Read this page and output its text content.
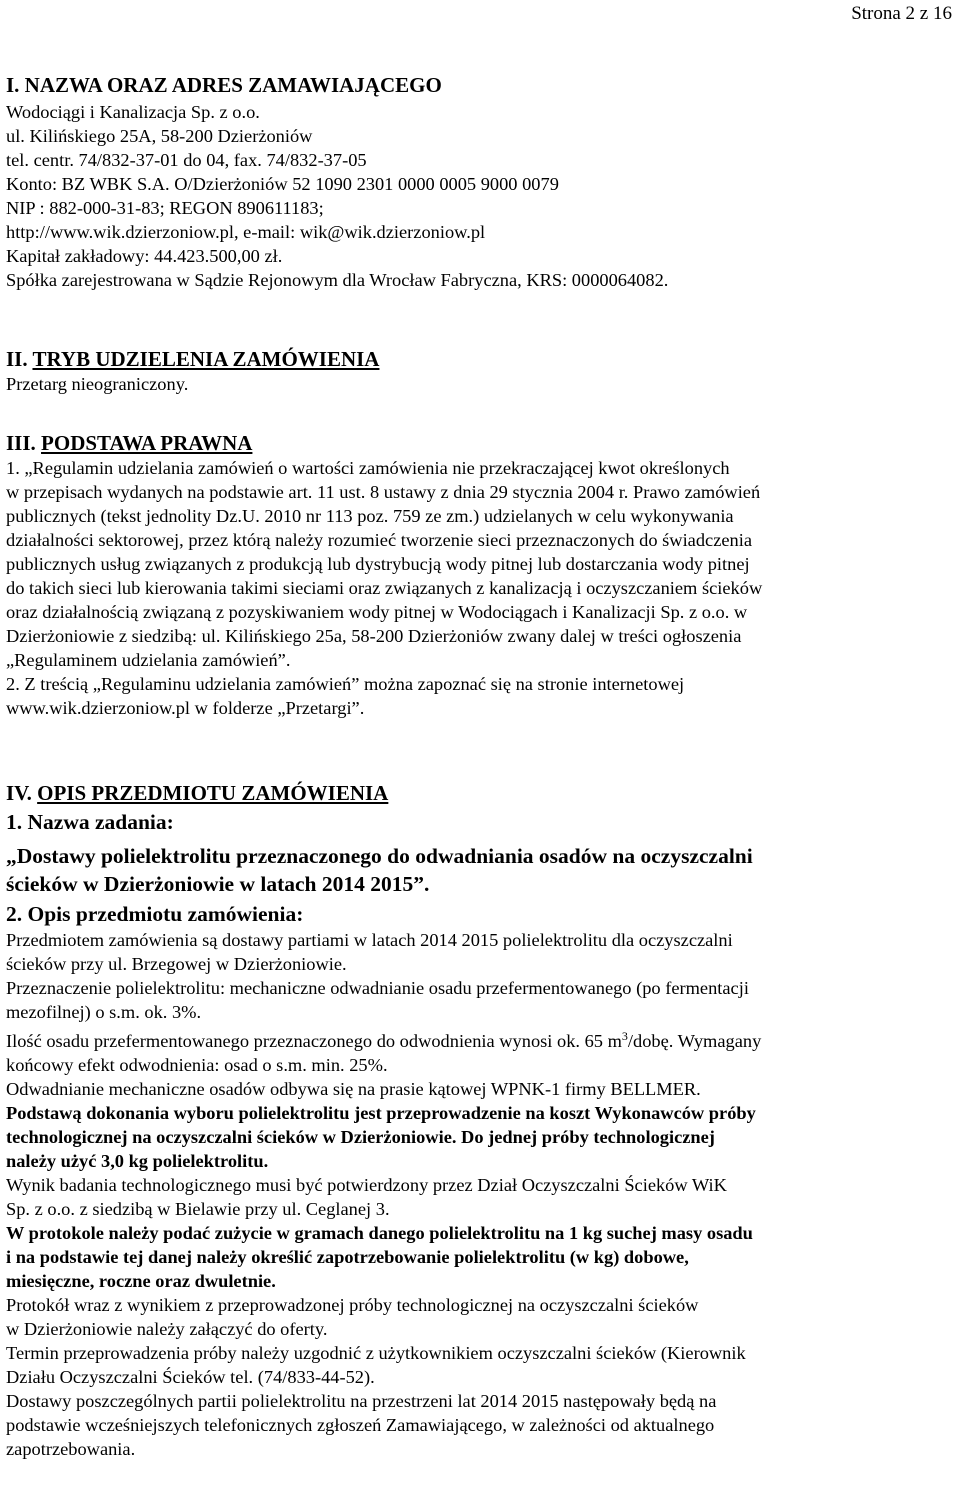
Strona 2 z 16
I. NAZWA ORAZ ADRES ZAMAWIAJĄCEGO
Wodociągi i Kanalizacja Sp. z o.o.
ul. Kilińskiego 25A, 58-200 Dzierżoniów
tel. centr. 74/832-37-01 do 04, fax. 74/832-37-05
Konto: BZ WBK S.A. O/Dzierżoniów 52 1090 2301 0000 0005 9000 0079
NIP : 882-000-31-83; REGON 890611183;
http://www.wik.dzierzoniow.pl, e-mail: wik@wik.dzierzoniow.pl
Kapitał zakładowy: 44.423.500,00 zł.
Spółka zarejestrowana w Sądzie Rejonowym dla Wrocław Fabryczna, KRS: 0000064082.
II. TRYB UDZIELENIA ZAMÓWIENIA
Przetarg nieograniczony.
III. PODSTAWA PRAWNA
1. „Regulamin udzielania zamówień o wartości zamówienia nie przekraczającej kwot określonych
w przepisach wydanych na podstawie art. 11 ust. 8 ustawy z dnia 29 stycznia 2004 r. Prawo zamówień
publicznych (tekst jednolity Dz.U. 2010 nr 113 poz. 759 ze zm.) udzielanych w celu wykonywania
działalności sektorowej, przez którą należy rozumieć tworzenie sieci przeznaczonych do świadczenia
publicznych usług związanych z produkcją lub dystrybucją wody pitnej lub dostarczania wody pitnej
do takich sieci lub kierowania takimi sieciami oraz związanych z kanalizacją i oczyszczaniem ścieków
oraz działalnością związaną z pozyskiwaniem wody pitnej w Wodociągach i Kanalizacji Sp. z o.o. w
Dzierżoniowie z siedzibą: ul. Kilińskiego 25a, 58-200 Dzierżoniów zwany dalej w treści ogłoszenia
„Regulaminem udzielania zamówień”.
2. Z treścią „Regulaminu udzielania zamówień” można zapoznać się na stronie internetowej
www.wik.dzierzoniow.pl w folderze „Przetargi”.
IV. OPIS PRZEDMIOTU ZAMÓWIENIA
1. Nazwa zadania:
„Dostawy polielektrolitu przeznaczonego do odwadniania osadów na oczyszczalni
ścieków w Dzierżoniowie w latach 2014 2015”.
2. Opis przedmiotu zamówienia:
Przedmiotem zamówienia są dostawy partiami w latach 2014 2015 polielektrolitu dla oczyszczalni
ścieków przy ul. Brzegowej w Dzierżoniowie.
Przeznaczenie polielektrolitu: mechaniczne odwadnianie osadu przefermentowanego (po fermentacji
mezofilnej) o s.m. ok. 3%.
Ilość osadu przefermentowanego przeznaczonego do odwodnienia wynosi ok. 65 $m^3$/dobę. Wymagany
końcowy efekt odwodnienia: osad o s.m. min. 25%.
Odwadnianie mechaniczne osadów odbywa się na prasie kątowej WPNK-1 firmy BELLMER.
Podstawą dokonania wyboru polielektrolitu jest przeprowadzenie na koszt Wykonawców próby
technologicznej na oczyszczalni ścieków w Dzierżoniowie. Do jednej próby technologicznej
należy użyć 3,0 kg polielektrolitu.
Wynik badania technologicznego musi być potwierdzony przez Dział Oczyszczalni Ścieków WiK
Sp. z o.o. z siedzibą w Bielawie przy ul. Ceglanej 3.
W protokole należy podać zużycie w gramach danego polielektrolitu na 1 kg suchej masy osadu
i na podstawie tej danej należy określić zapotrzebowanie polielektrolitu (w kg) dobowe,
miesięczne, roczne oraz dwuletnie.
Protokół wraz z wynikiem z przeprowadzonej próby technologicznej na oczyszczalni ścieków
w Dzierżoniowie należy załączyć do oferty.
Termin przeprowadzenia próby należy uzgodnić z użytkownikiem oczyszczalni ścieków (Kierownik
Działu Oczyszczalni Ścieków tel. (74/833-44-52).
Dostawy poszczególnych partii polielektrolitu na przestrzeni lat 2014 2015 następowały będą na
podstawie wcześniejszych telefonicznych zgłoszeń Zamawiającego, w zależności od aktualnego
zapotrzebowania.
